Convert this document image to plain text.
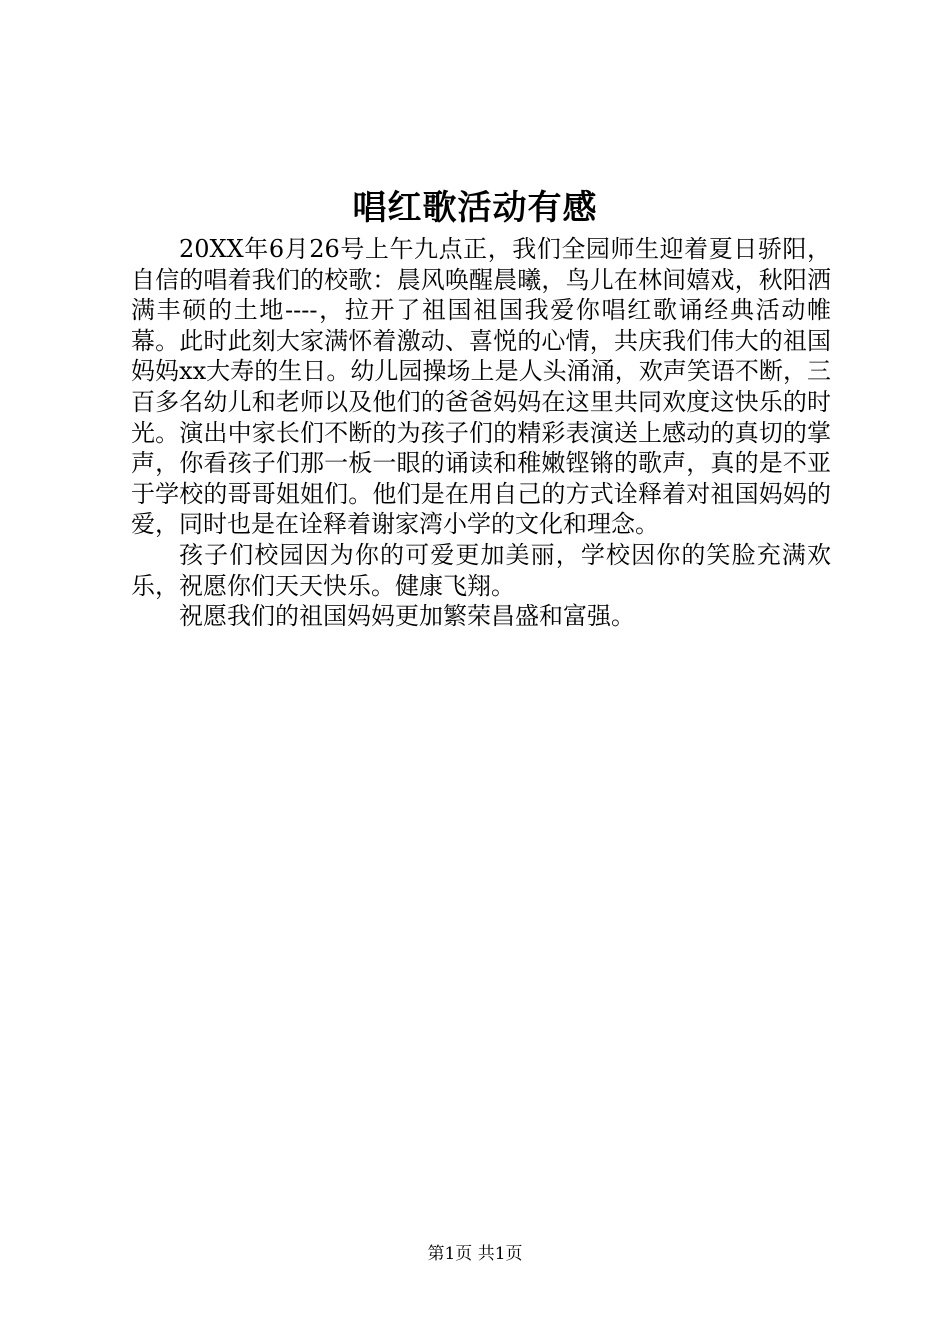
唱红歌活动有感

20XX年6月26号上午九点正，我们全园师生迎着夏日骄阳，自信的唱着我们的校歌：晨风唤醒晨曦，鸟儿在林间嬉戏，秋阳洒满丰硕的土地----，拉开了祖国祖国我爱你唱红歌诵经典活动帷幕。此时此刻大家满怀着激动、喜悦的心情，共庆我们伟大的祖国妈妈xx大寿的生日。幼儿园操场上是人头涌涌，欢声笑语不断，三百多名幼儿和老师以及他们的爸爸妈妈在这里共同欢度这快乐的时光。演出中家长们不断的为孩子们的精彩表演送上感动的真切的掌声，你看孩子们那一板一眼的诵读和稚嫩铿锵的歌声，真的是不亚于学校的哥哥姐姐们。他们是在用自己的方式诠释着对祖国妈妈的爱，同时也是在诠释着谢家湾小学的文化和理念。

孩子们校园因为你的可爱更加美丽，学校因你的笑脸充满欢乐，祝愿你们天天快乐。健康飞翔。

祝愿我们的祖国妈妈更加繁荣昌盛和富强。

第1页 共1页
